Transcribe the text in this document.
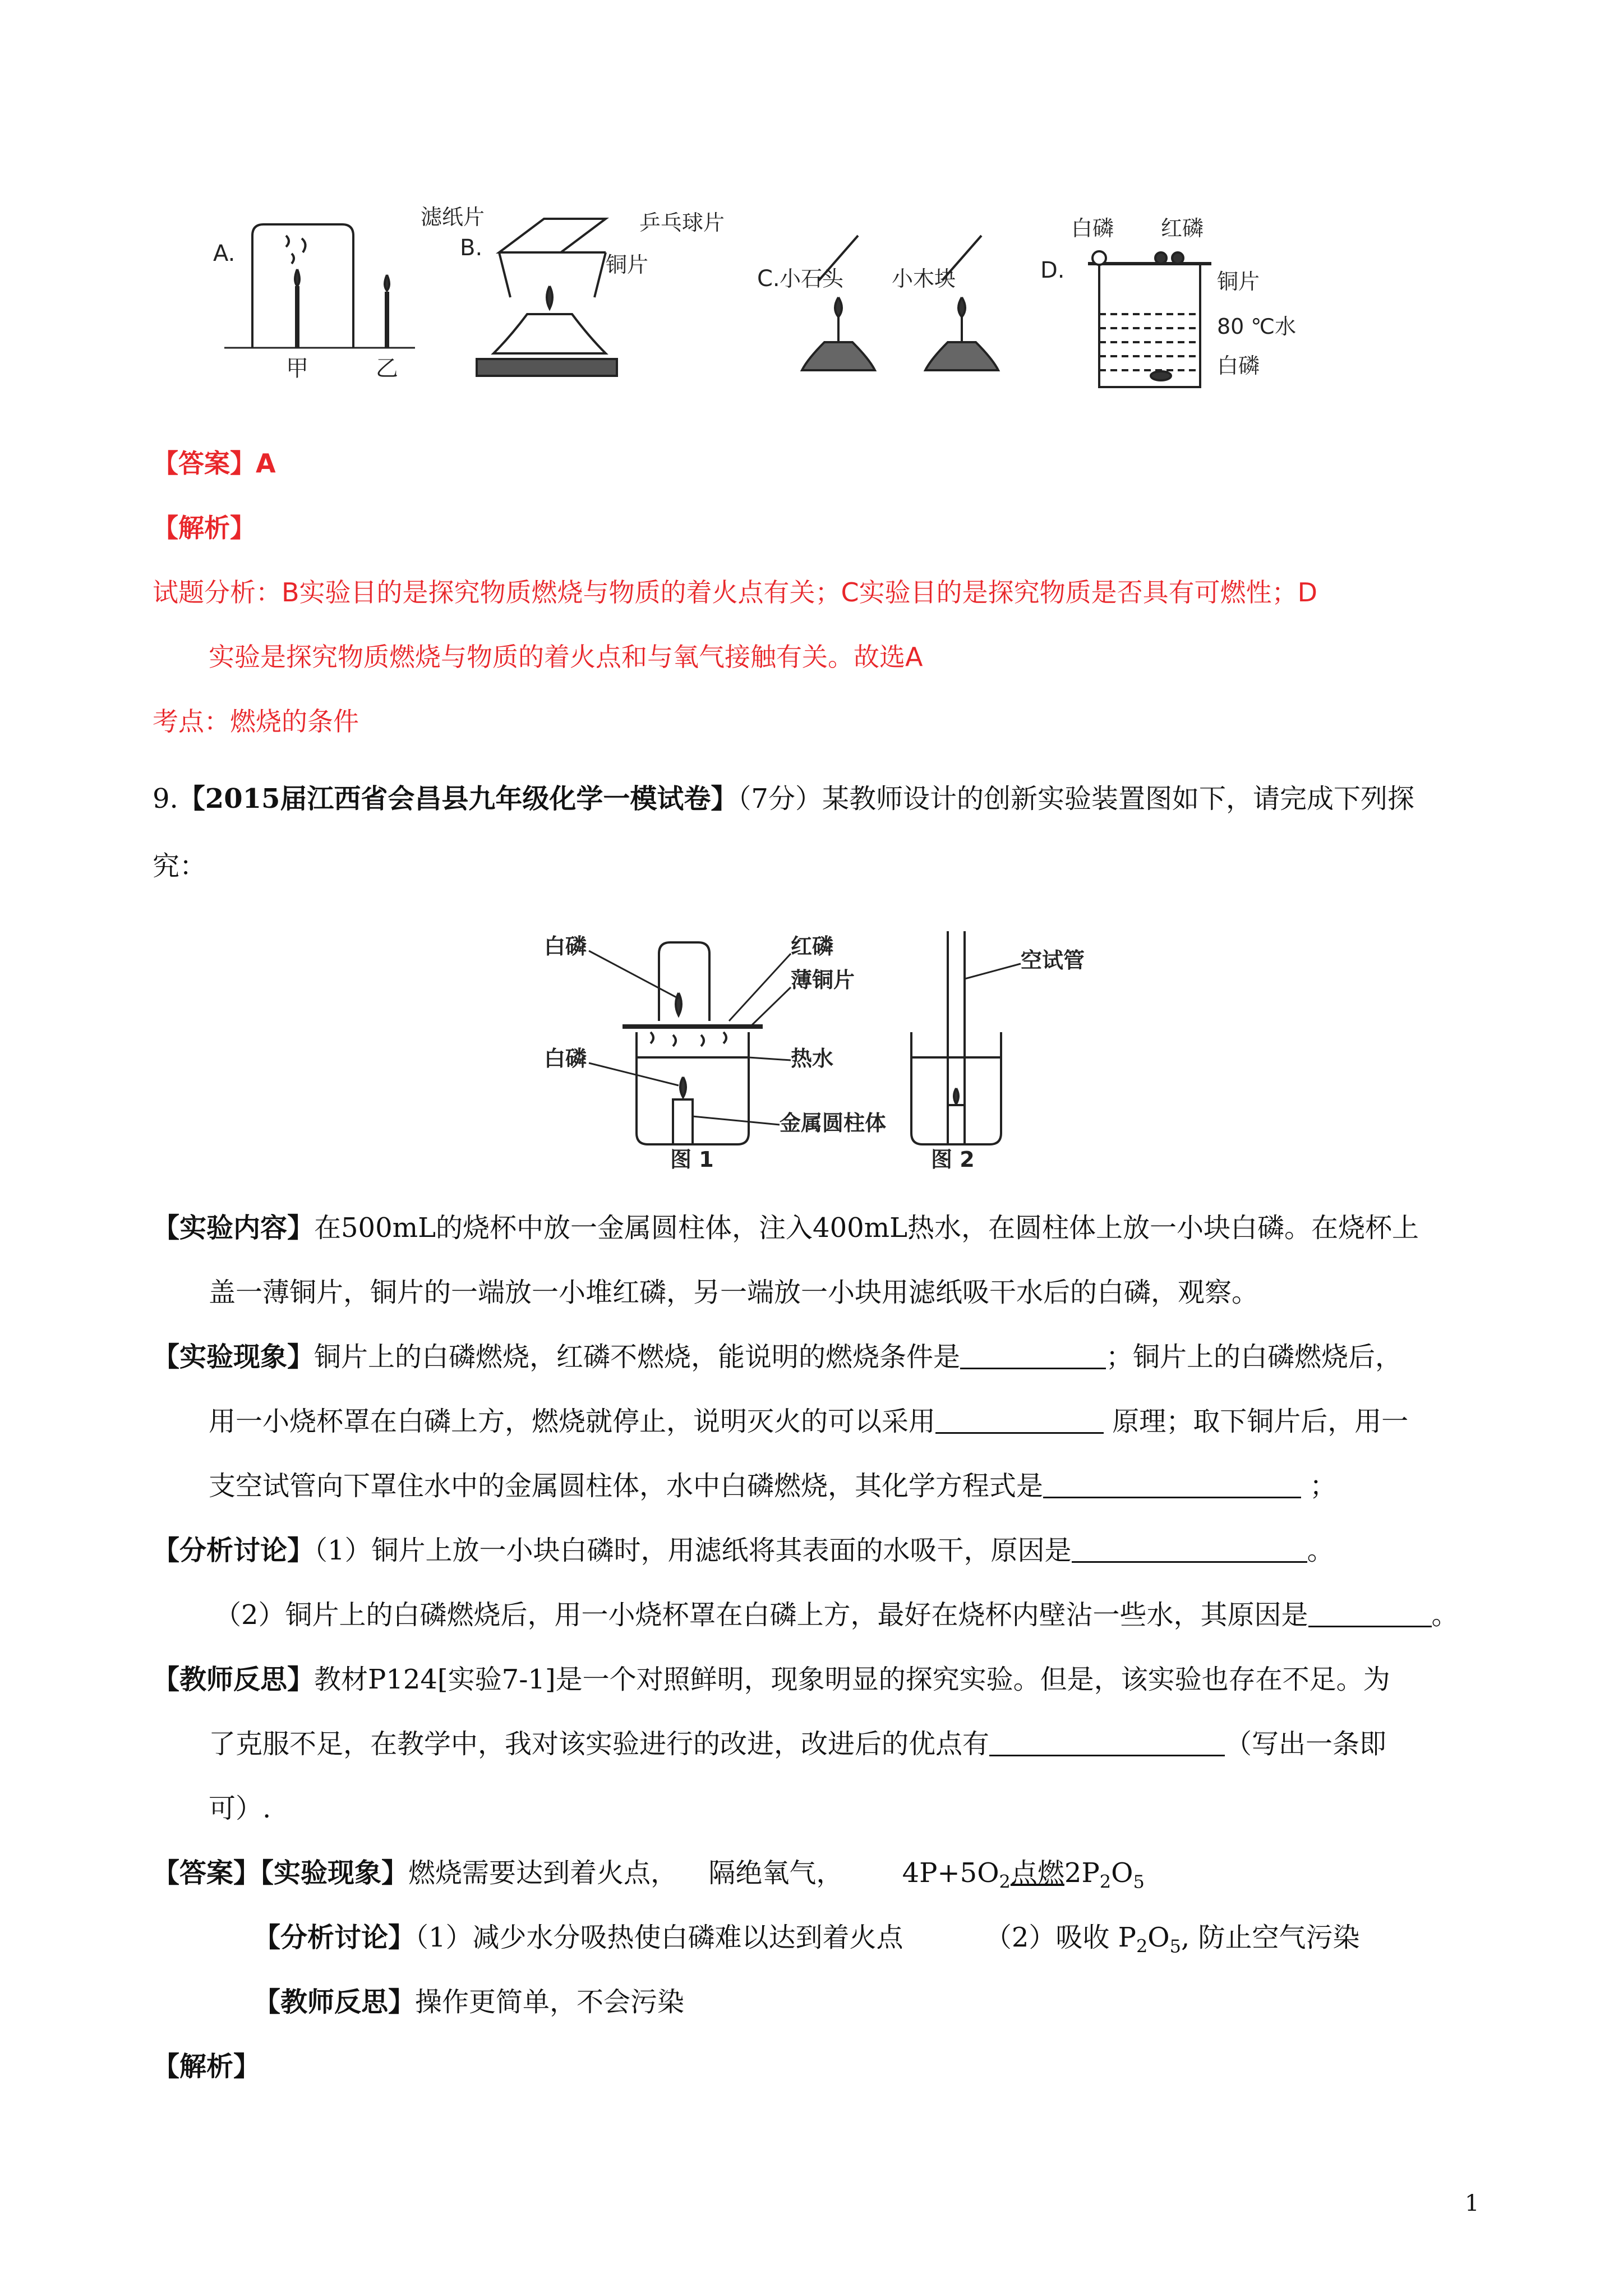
A.
甲	乙
滤纸片
B.
乒乓球片
铜片
C. 小石头 小木块	D.
白磷 红磷
铜片
80 ℃水
白磷
【答案】A
【解析】
试题分析：B实验目的是探究物质燃烧与物质的着火点有关；C实验目的是探究物质是否具有可燃性；D
实验是探究物质燃烧与物质的着火点和与氧气接触有关。故选A
考点：燃烧的条件
9.【2015届江西省会昌县九年级化学一模试卷】（7分）某教师设计的创新实验装置图如下，请完成下列探
究：
白磷	红磷
薄铜片
白磷	热水
金属圆柱体
图 1
空试管
图 2
【实验内容】在500mL的烧杯中放一金属圆柱体，注入400mL热水，在圆柱体上放一小块白磷。在烧杯上
盖一薄铜片，铜片的一端放一小堆红磷，另一端放一小块用滤纸吸干水后的白磷，观察。
【实验现象】铜片上的白磷燃烧，红磷不燃烧，能说明的燃烧条件是	；铜片上的白磷燃烧后，
用一小烧杯罩在白磷上方，燃烧就停止，说明灭火的可以采用	原理；取下铜片后，用一
支空试管向下罩住水中的金属圆柱体，水中白磷燃烧，其化学方程式是	；
【分析讨论】（1）铜片上放一小块白磷时，用滤纸将其表面的水吸干，原因是	。
（2）铜片上的白磷燃烧后，用一小烧杯罩在白磷上方，最好在烧杯内壁沾一些水，其原因是	。
【教师反思】教材P124[实验7-1]是一个对照鲜明，现象明显的探究实验。但是，该实验也存在不足。为
了克服不足，在教学中，我对该实验进行的改进，改进后的优点有	（写出一条即
可）.
【答案】【实验现象】燃烧需要达到着火点， 隔绝氧气， $4P+5O_2$点燃$2P_2O_5$
【分析讨论】（1）减少水分吸热使白磷难以达到着火点	（2）吸收 $P_2O_5$, 防止空气污染
【教师反思】操作更简单，不会污染
【解析】
1
